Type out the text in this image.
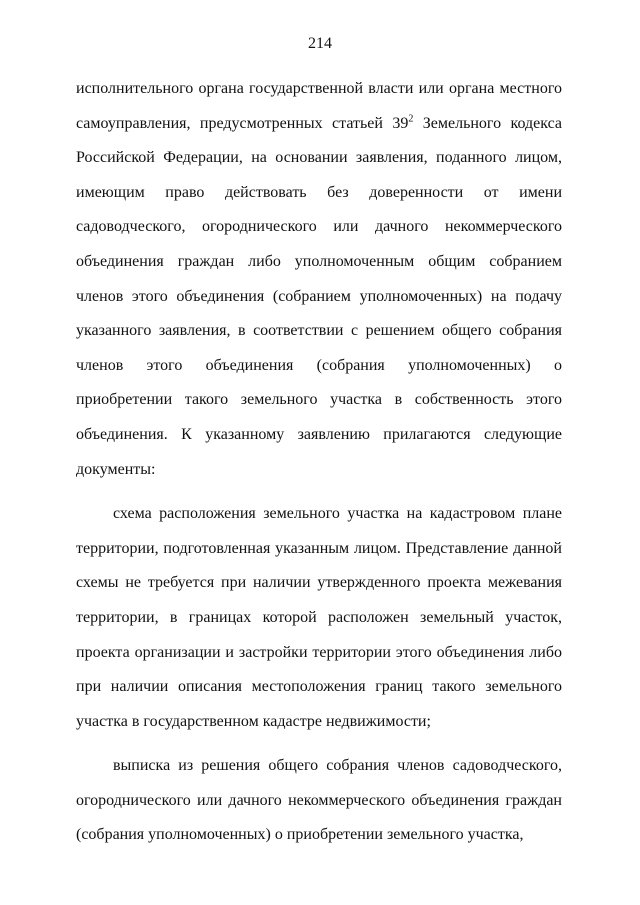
214

исполнительного органа государственной власти или органа местного самоуправления, предусмотренных статьей $39^2$ Земельного кодекса Российской Федерации, на основании заявления, поданного лицом, имеющим право действовать без доверенности от имени садоводческого, огороднического или дачного некоммерческого объединения граждан либо уполномоченным общим собранием членов этого объединения (собранием уполномоченных) на подачу указанного заявления, в соответствии с решением общего собрания членов этого объединения (собрания уполномоченных) о приобретении такого земельного участка в собственность этого объединения. К указанному заявлению прилагаются следующие документы:

схема расположения земельного участка на кадастровом плане территории, подготовленная указанным лицом. Представление данной схемы не требуется при наличии утвержденного проекта межевания территории, в границах которой расположен земельный участок, проекта организации и застройки территории этого объединения либо при наличии описания местоположения границ такого земельного участка в государственном кадастре недвижимости;

выписка из решения общего собрания членов садоводческого, огороднического или дачного некоммерческого объединения граждан (собрания уполномоченных) о приобретении земельного участка,
